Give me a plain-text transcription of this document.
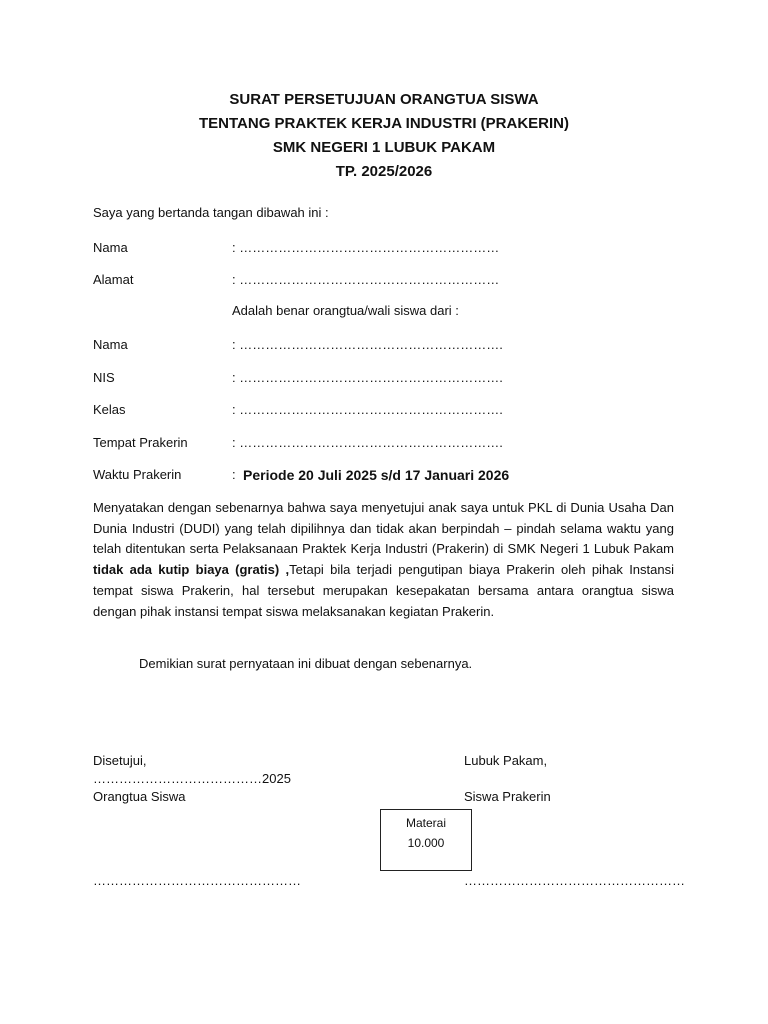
SURAT PERSETUJUAN ORANGTUA SISWA
TENTANG PRAKTEK KERJA INDUSTRI (PRAKERIN)
SMK NEGERI 1 LUBUK PAKAM
TP. 2025/2026
Saya yang bertanda tangan dibawah ini :
Nama	: ……………………………………………………
Alamat	: ……………………………………………………
Adalah benar orangtua/wali siswa dari :
Nama	: …………………………………………………….
NIS	: …………………………………………………….
Kelas	: …………………………………………………….
Tempat Prakerin	: …………………………………………………….
Waktu Prakerin	: Periode 20 Juli 2025 s/d 17 Januari 2026
Menyatakan dengan sebenarnya bahwa saya menyetujui anak saya untuk PKL di Dunia Usaha Dan Dunia Industri (DUDI) yang telah dipilihnya dan tidak akan berpindah – pindah selama waktu yang telah ditentukan serta Pelaksanaan Praktek Kerja Industri (Prakerin) di SMK Negeri 1 Lubuk Pakam tidak ada kutip biaya (gratis) ,Tetapi bila terjadi pengutipan biaya Prakerin oleh pihak Instansi tempat siswa Prakerin, hal tersebut merupakan kesepakatan bersama antara orangtua siswa dengan pihak instansi tempat siswa melaksanakan kegiatan Prakerin.
Demikian surat pernyataan ini dibuat dengan sebenarnya.
Disetujui,
…………………………………2025
Orangtua Siswa
Lubuk Pakam,
Siswa Prakerin
Materai
10.000
…………………………………………	……………………………………………
